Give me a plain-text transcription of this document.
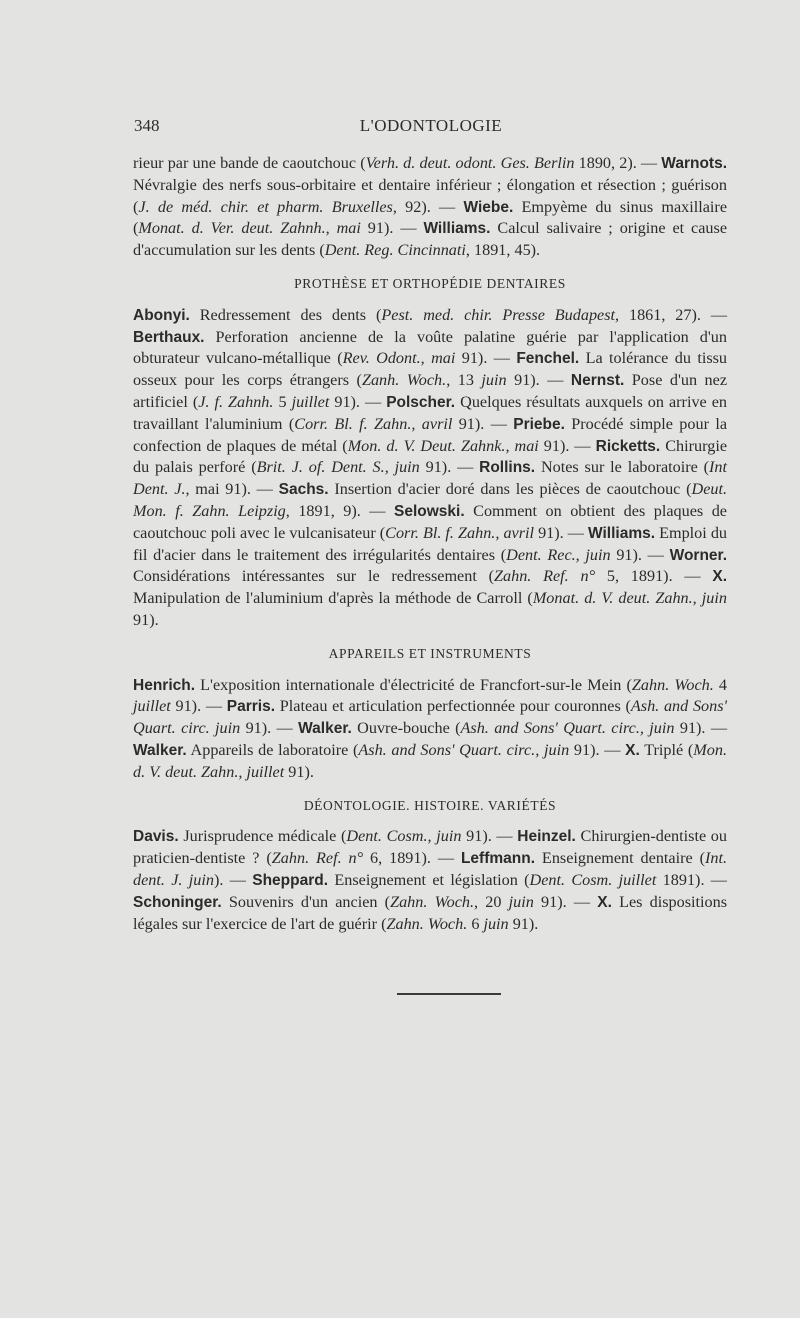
348	L'ODONTOLOGIE

rieur par une bande de caoutchouc (Verh. d. deut. odont. Ges. Berlin 1890, 2). — Warnots. Névralgie des nerfs sous-orbitaire et dentaire inférieur ; élongation et résection ; guérison (J. de méd. chir. et pharm. Bruxelles, 92). — Wiebe. Empyème du sinus maxillaire (Monat. d. Ver. deut. Zahnh., mai 91). — Williams. Calcul salivaire ; origine et cause d'accumulation sur les dents (Dent. Reg. Cincinnati, 1891, 45).

PROTHÈSE ET ORTHOPÉDIE DENTAIRES

Abonyi. Redressement des dents (Pest. med. chir. Presse Budapest, 1861, 27). — Berthaux. Perforation ancienne de la voûte palatine guérie par l'application d'un obturateur vulcano-métallique (Rev. Odont., mai 91). — Fenchel. La tolérance du tissu osseux pour les corps étrangers (Zanh. Woch., 13 juin 91). — Nernst. Pose d'un nez artificiel (J. f. Zahnh. 5 juillet 91). — Polscher. Quelques résultats auxquels on arrive en travaillant l'aluminium (Corr. Bl. f. Zahn., avril 91). — Priebe. Procédé simple pour la confection de plaques de métal (Mon. d. V. Deut. Zahnk., mai 91). — Ricketts. Chirurgie du palais perforé (Brit. J. of. Dent. S., juin 91). — Rollins. Notes sur le laboratoire (Int Dent. J., mai 91). — Sachs. Insertion d'acier doré dans les pièces de caoutchouc (Deut. Mon. f. Zahn. Leipzig, 1891, 9). — Selowski. Comment on obtient des plaques de caoutchouc poli avec le vulcanisateur (Corr. Bl. f. Zahn., avril 91). — Williams. Emploi du fil d'acier dans le traitement des irrégularités dentaires (Dent. Rec., juin 91). — Worner. Considérations intéressantes sur le redressement (Zahn. Ref. n° 5, 1891). — X. Manipulation de l'aluminium d'après la méthode de Carroll (Monat. d. V. deut. Zahn., juin 91).

APPAREILS ET INSTRUMENTS

Henrich. L'exposition internationale d'électricité de Francfort-sur-le Mein (Zahn. Woch. 4 juillet 91). — Parris. Plateau et articulation perfectionnée pour couronnes (Ash. and Sons' Quart. circ. juin 91). — Walker. Ouvre-bouche (Ash. and Sons' Quart. circ., juin 91). — Walker. Appareils de laboratoire (Ash. and Sons' Quart. circ., juin 91). — X. Triplé (Mon. d. V. deut. Zahn., juillet 91).

DÉONTOLOGIE. HISTOIRE. VARIÉTÉS

Davis. Jurisprudence médicale (Dent. Cosm., juin 91). — Heinzel. Chirurgien-dentiste ou praticien-dentiste ? (Zahn. Ref. n° 6, 1891). — Leffmann. Enseignement dentaire (Int. dent. J. juin). — Sheppard. Enseignement et législation (Dent. Cosm. juillet 1891). — Schoninger. Souvenirs d'un ancien (Zahn. Woch., 20 juin 91). — X. Les dispositions légales sur l'exercice de l'art de guérir (Zahn. Woch. 6 juin 91).
